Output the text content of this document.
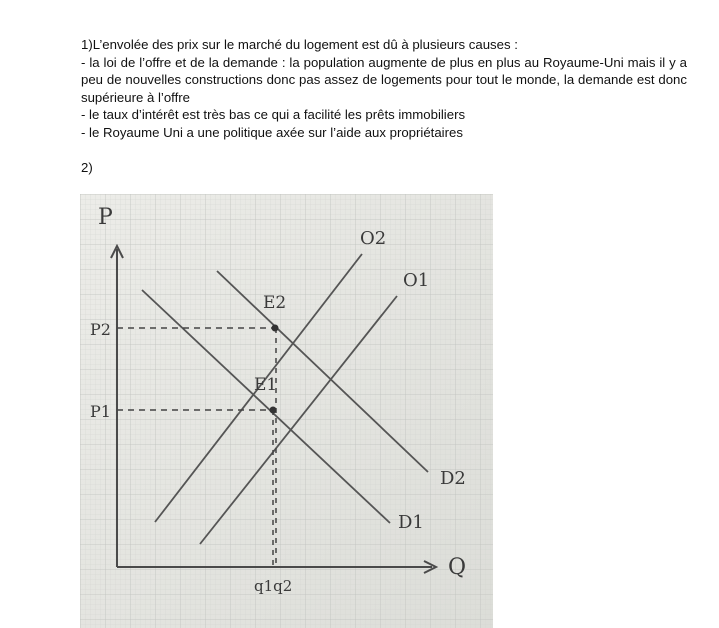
1)L’envolée des prix sur le marché du logement est dû à plusieurs causes :

- la loi de l’offre et de la demande : la population augmente de plus en plus au Royaume-Uni mais il y a peu de nouvelles constructions donc pas assez de logements pour tout le monde, la demande est donc supérieure à l’offre

- le taux d’intérêt est très bas ce qui a facilité les prêts immobiliers

- le Royaume Uni a une politique axée sur l’aide aux propriétaires

2)
P
Q
O2
O1
D2
D1
E2
E1
P2
P1
q1q2
